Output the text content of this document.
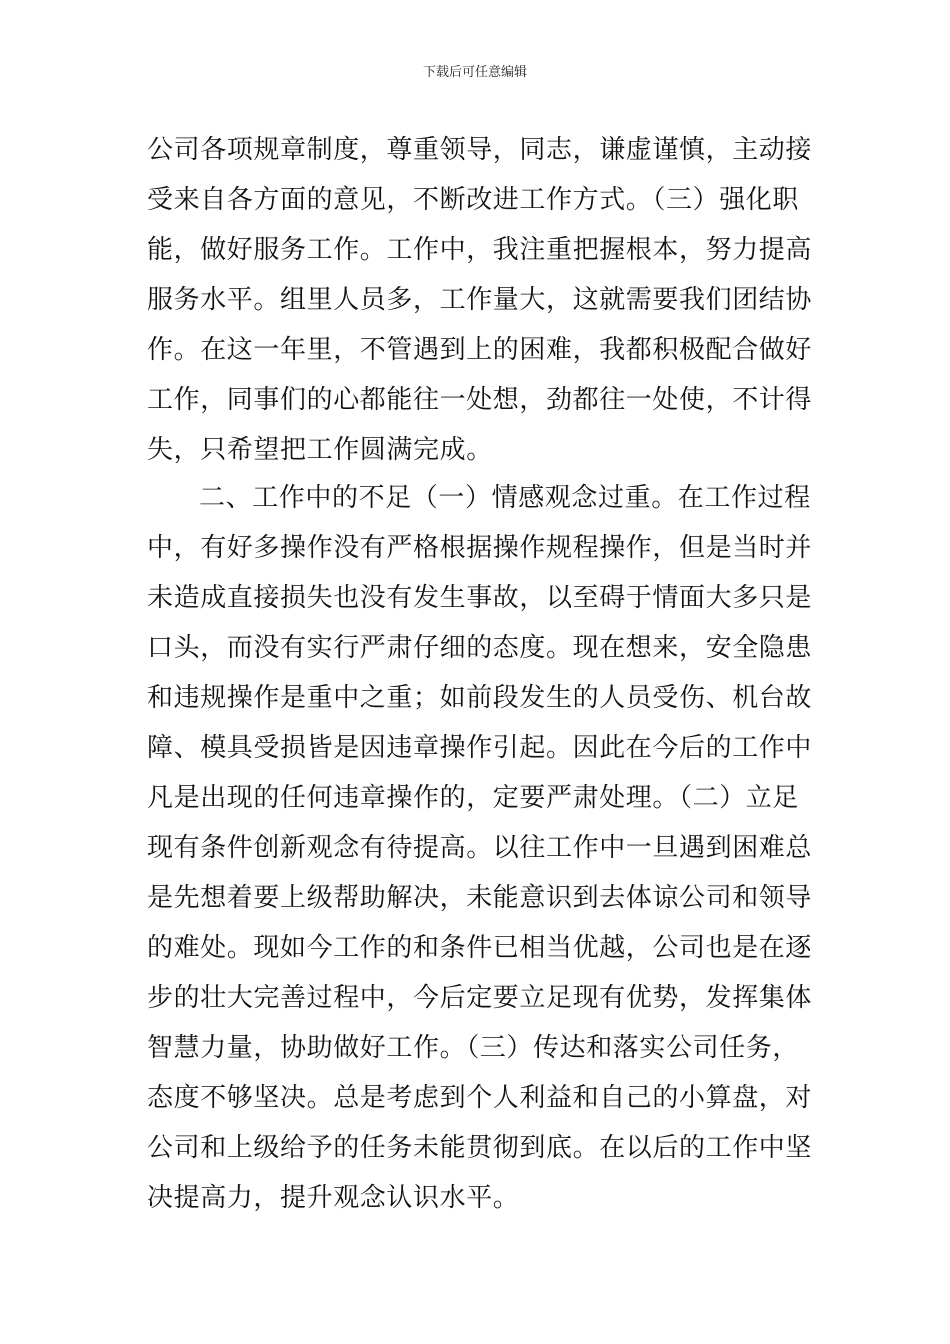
下载后可任意编辑
公司各项规章制度，尊重领导，同志，谦虚谨慎，主动接
受来自各方面的意见，不断改进工作方式。（三）强化职
能，做好服务工作。工作中，我注重把握根本，努力提高
服务水平。组里人员多，工作量大，这就需要我们团结协
作。在这一年里，不管遇到上的困难，我都积极配合做好
工作，同事们的心都能往一处想，劲都往一处使，不计得
失，只希望把工作圆满完成。
二、工作中的不足（一）情感观念过重。在工作过程
中，有好多操作没有严格根据操作规程操作，但是当时并
未造成直接损失也没有发生事故，以至碍于情面大多只是
口头，而没有实行严肃仔细的态度。现在想来，安全隐患
和违规操作是重中之重；如前段发生的人员受伤、机台故
障、模具受损皆是因违章操作引起。因此在今后的工作中
凡是出现的任何违章操作的，定要严肃处理。（二）立足
现有条件创新观念有待提高。以往工作中一旦遇到困难总
是先想着要上级帮助解决，未能意识到去体谅公司和领导
的难处。现如今工作的和条件已相当优越，公司也是在逐
步的壮大完善过程中，今后定要立足现有优势，发挥集体
智慧力量，协助做好工作。（三）传达和落实公司任务，
态度不够坚决。总是考虑到个人利益和自己的小算盘，对
公司和上级给予的任务未能贯彻到底。在以后的工作中坚
决提高力，提升观念认识水平。
